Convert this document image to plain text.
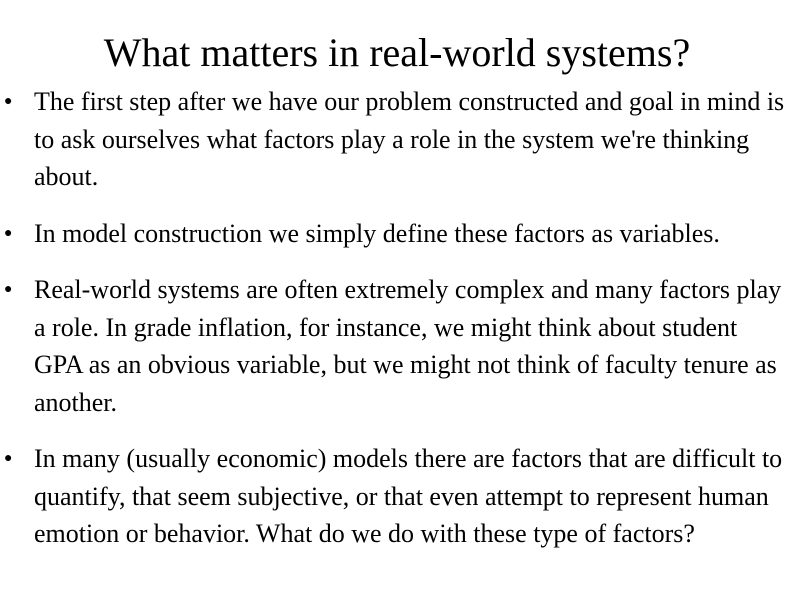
What matters in real-world systems?
● The first step after we have our problem constructed and goal in mind is to ask ourselves what factors play a role in the system we're thinking about.
● In model construction we simply define these factors as variables.
● Real-world systems are often extremely complex and many factors play a role. In grade inflation, for instance, we might think about student GPA as an obvious variable, but we might not think of faculty tenure as another.
● In many (usually economic) models there are factors that are difficult to quantify, that seem subjective, or that even attempt to represent human emotion or behavior. What do we do with these type of factors?
